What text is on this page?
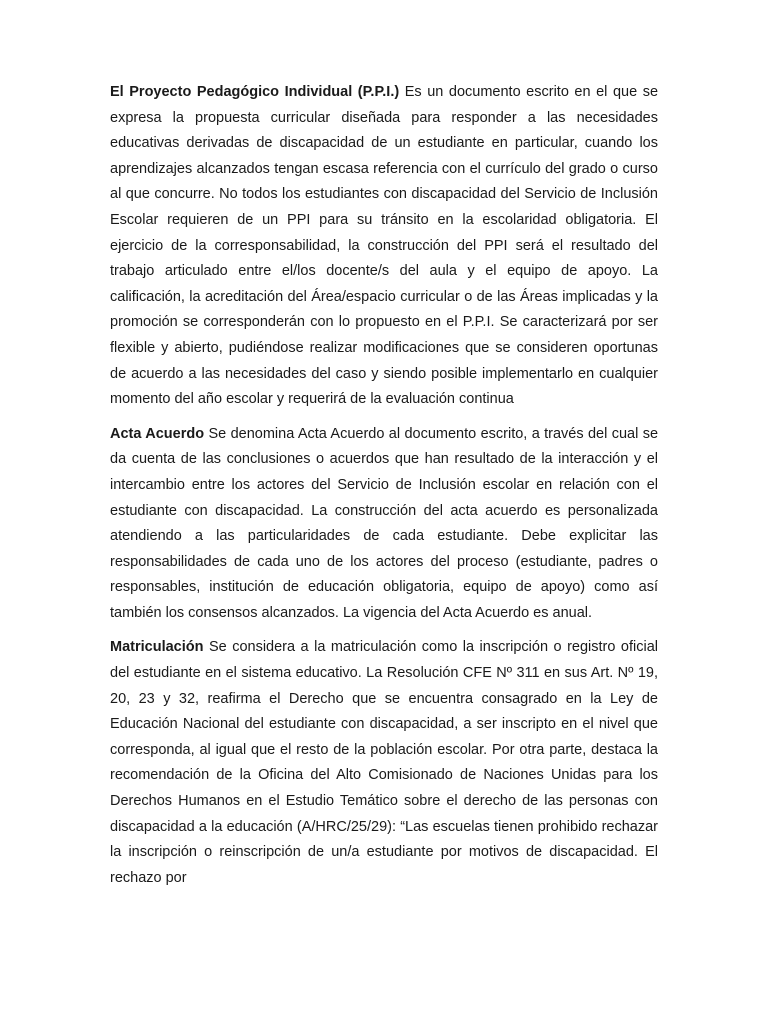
El Proyecto Pedagógico Individual (P.P.I.) Es un documento escrito en el que se expresa la propuesta curricular diseñada para responder a las necesidades educativas derivadas de discapacidad de un estudiante en particular, cuando los aprendizajes alcanzados tengan escasa referencia con el currículo del grado o curso al que concurre. No todos los estudiantes con discapacidad del Servicio de Inclusión Escolar requieren de un PPI para su tránsito en la escolaridad obligatoria. El ejercicio de la corresponsabilidad, la construcción del PPI será el resultado del trabajo articulado entre el/los docente/s del aula y el equipo de apoyo. La calificación, la acreditación del Área/espacio curricular o de las Áreas implicadas y la promoción se corresponderán con lo propuesto en el P.P.I. Se caracterizará por ser flexible y abierto, pudiéndose realizar modificaciones que se consideren oportunas de acuerdo a las necesidades del caso y siendo posible implementarlo en cualquier momento del año escolar y requerirá de la evaluación continua

Acta Acuerdo Se denomina Acta Acuerdo al documento escrito, a través del cual se da cuenta de las conclusiones o acuerdos que han resultado de la interacción y el intercambio entre los actores del Servicio de Inclusión escolar en relación con el estudiante con discapacidad. La construcción del acta acuerdo es personalizada atendiendo a las particularidades de cada estudiante. Debe explicitar las responsabilidades de cada uno de los actores del proceso (estudiante, padres o responsables, institución de educación obligatoria, equipo de apoyo) como así también los consensos alcanzados. La vigencia del Acta Acuerdo es anual.

Matriculación Se considera a la matriculación como la inscripción o registro oficial del estudiante en el sistema educativo. La Resolución CFE Nº 311 en sus Art. Nº 19, 20, 23 y 32, reafirma el Derecho que se encuentra consagrado en la Ley de Educación Nacional del estudiante con discapacidad, a ser inscripto en el nivel que corresponda, al igual que el resto de la población escolar. Por otra parte, destaca la recomendación de la Oficina del Alto Comisionado de Naciones Unidas para los Derechos Humanos en el Estudio Temático sobre el derecho de las personas con discapacidad a la educación (A/HRC/25/29): “Las escuelas tienen prohibido rechazar la inscripción o reinscripción de un/a estudiante por motivos de discapacidad. El rechazo por
